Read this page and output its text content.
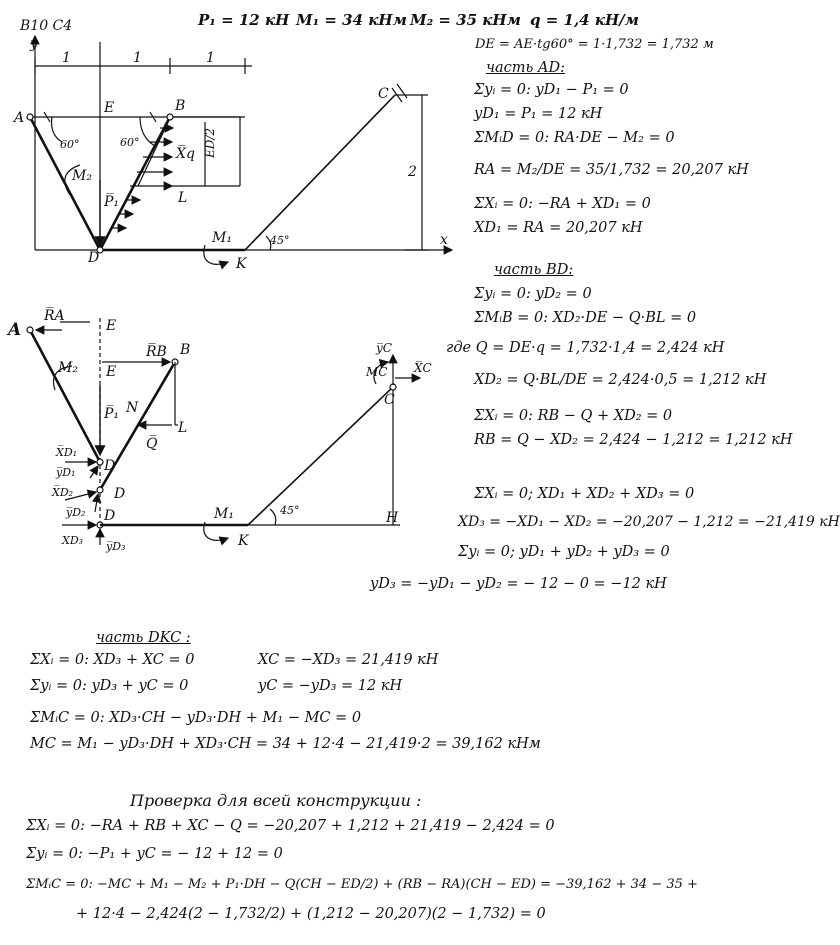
B10 C4
y
x
1	1	1
A
E	B
C
D	K
L
60°	60°
45°
M₂
M₁
P̅₁
X̅q ED/2
2
A
R̅A
E
E
R̅B B
M₂
P̅₁ N
L
Q̅
X̅D₁
y̅D₁ D
X̅D₂
y̅D₂
D
D
XD₃ y̅D₃
M₁
K
45°	H
y̅C
MC X̅C
C
P₁ = 12 кН M₁ = 34 кНм M₂ = 35 кНм q = 1,4 кН/м
DE = AE·tg60° = 1·1,732 = 1,732 м
часть AD:
Σyᵢ = 0: yD₁ − P₁ = 0
yD₁ = P₁ = 12 кН
ΣMᵢD = 0: RA·DE − M₂ = 0
RA = M₂/DE = 35/1,732 = 20,207 кН
ΣXᵢ = 0: −RA + XD₁ = 0
XD₁ = RA = 20,207 кН
часть BD:
Σyᵢ = 0: yD₂ = 0
ΣMᵢB = 0: XD₂·DE − Q·BL = 0
где Q = DE·q = 1,732·1,4 = 2,424 кН
XD₂ = Q·BL/DE = 2,424·0,5 = 1,212 кН
ΣXᵢ = 0: RB − Q + XD₂ = 0
RB = Q − XD₂ = 2,424 − 1,212 = 1,212 кН
ΣXᵢ = 0; XD₁ + XD₂ + XD₃ = 0
XD₃ = −XD₁ − XD₂ = −20,207 − 1,212 = −21,419 кН
Σyᵢ = 0; yD₁ + yD₂ + yD₃ = 0
yD₃ = −yD₁ − yD₂ = − 12 − 0 = −12 кН
часть DKC :
ΣXᵢ = 0: XD₃ + XC = 0	XC = −XD₃ = 21,419 кН
Σyᵢ = 0: yD₃ + yC = 0	yC = −yD₃ = 12 кН
ΣMᵢC = 0: XD₃·CH − yD₃·DH + M₁ − MC = 0
MC = M₁ − yD₃·DH + XD₃·CH = 34 + 12·4 − 21,419·2 = 39,162 кНм
Проверка для всей конструкции :
ΣXᵢ = 0: −RA + RB + XC − Q = −20,207 + 1,212 + 21,419 − 2,424 = 0
Σyᵢ = 0: −P₁ + yC = − 12 + 12 = 0
ΣMᵢC = 0: −MC + M₁ − M₂ + P₁·DH − Q(CH − ED/2) + (RB − RA)(CH − ED) = −39,162 + 34 − 35 +
+ 12·4 − 2,424(2 − 1,732/2) + (1,212 − 20,207)(2 − 1,732) = 0
